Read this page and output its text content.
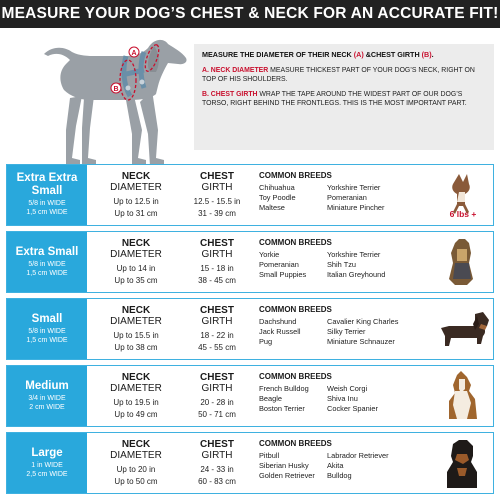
MEASURE YOUR DOG’S CHEST & NECK FOR AN ACCURATE FIT!
A
B
MEASURE THE DIAMETER OF THEIR NECK (A) &CHEST GIRTH (B).

A. NECK DIAMETER MEASURE THICKEST PART OF YOUR DOG’S NECK, RIGHT ON TOP OF HIS SHOULDERS.

B. CHEST GIRTH WRAP THE TAPE AROUND THE WIDEST PART OF OUR DOG’S TORSO, RIGHT BEHIND THE FRONTLEGS. THIS IS THE MOST IMPORTANT PART.

Extra Extra Small
5/8 in WIDE
1,5 cm WIDE
NECK
DIAMETER
Up to 12.5 in
Up to 31 cm
CHEST
GIRTH
12.5 - 15.5 in
31 - 39 cm
COMMON BREEDS
Chihuahua	Yorkshire Terrier
Toy Poodle	Pomeranian
Maltese	Miniature Pincher
6 lbs +
Extra Small
5/8 in WIDE
1,5 cm WIDE
NECK
DIAMETER
Up to 14 in
Up to 35 cm
CHEST
GIRTH
15 - 18 in
38 - 45 cm
COMMON BREEDS
Yorkie	Yorkshire Terrier
Pomeranian	Shih Tzu
Small Puppies	Italian Greyhound
Small
5/8 in WIDE
1,5 cm WIDE
NECK
DIAMETER
Up to 15.5 in
Up to 38 cm
CHEST
GIRTH
18 - 22 in
45 - 55 cm
COMMON BREEDS
Dachshund	Cavalier King Charles
Jack Russell	Silky Terrier
Pug	Miniature Schnauzer
Medium
3/4 in WIDE
2 cm WIDE
NECK
DIAMETER
Up to 19.5 in
Up to 49 cm
CHEST
GIRTH
20 - 28 in
50 - 71 cm
COMMON BREEDS
French Bulldog	Weish Corgi
Beagle	Shiva Inu
Boston Terrier	Cocker Spanier
Large
1 in WIDE
2,5 cm WIDE
NECK
DIAMETER
Up to 20 in
Up to 50 cm
CHEST
GIRTH
24 - 33 in
60 - 83 cm
COMMON BREEDS
Pitbull	Labrador Retriever
Siberian Husky	Akita
Golden Retriever	Bulldog
